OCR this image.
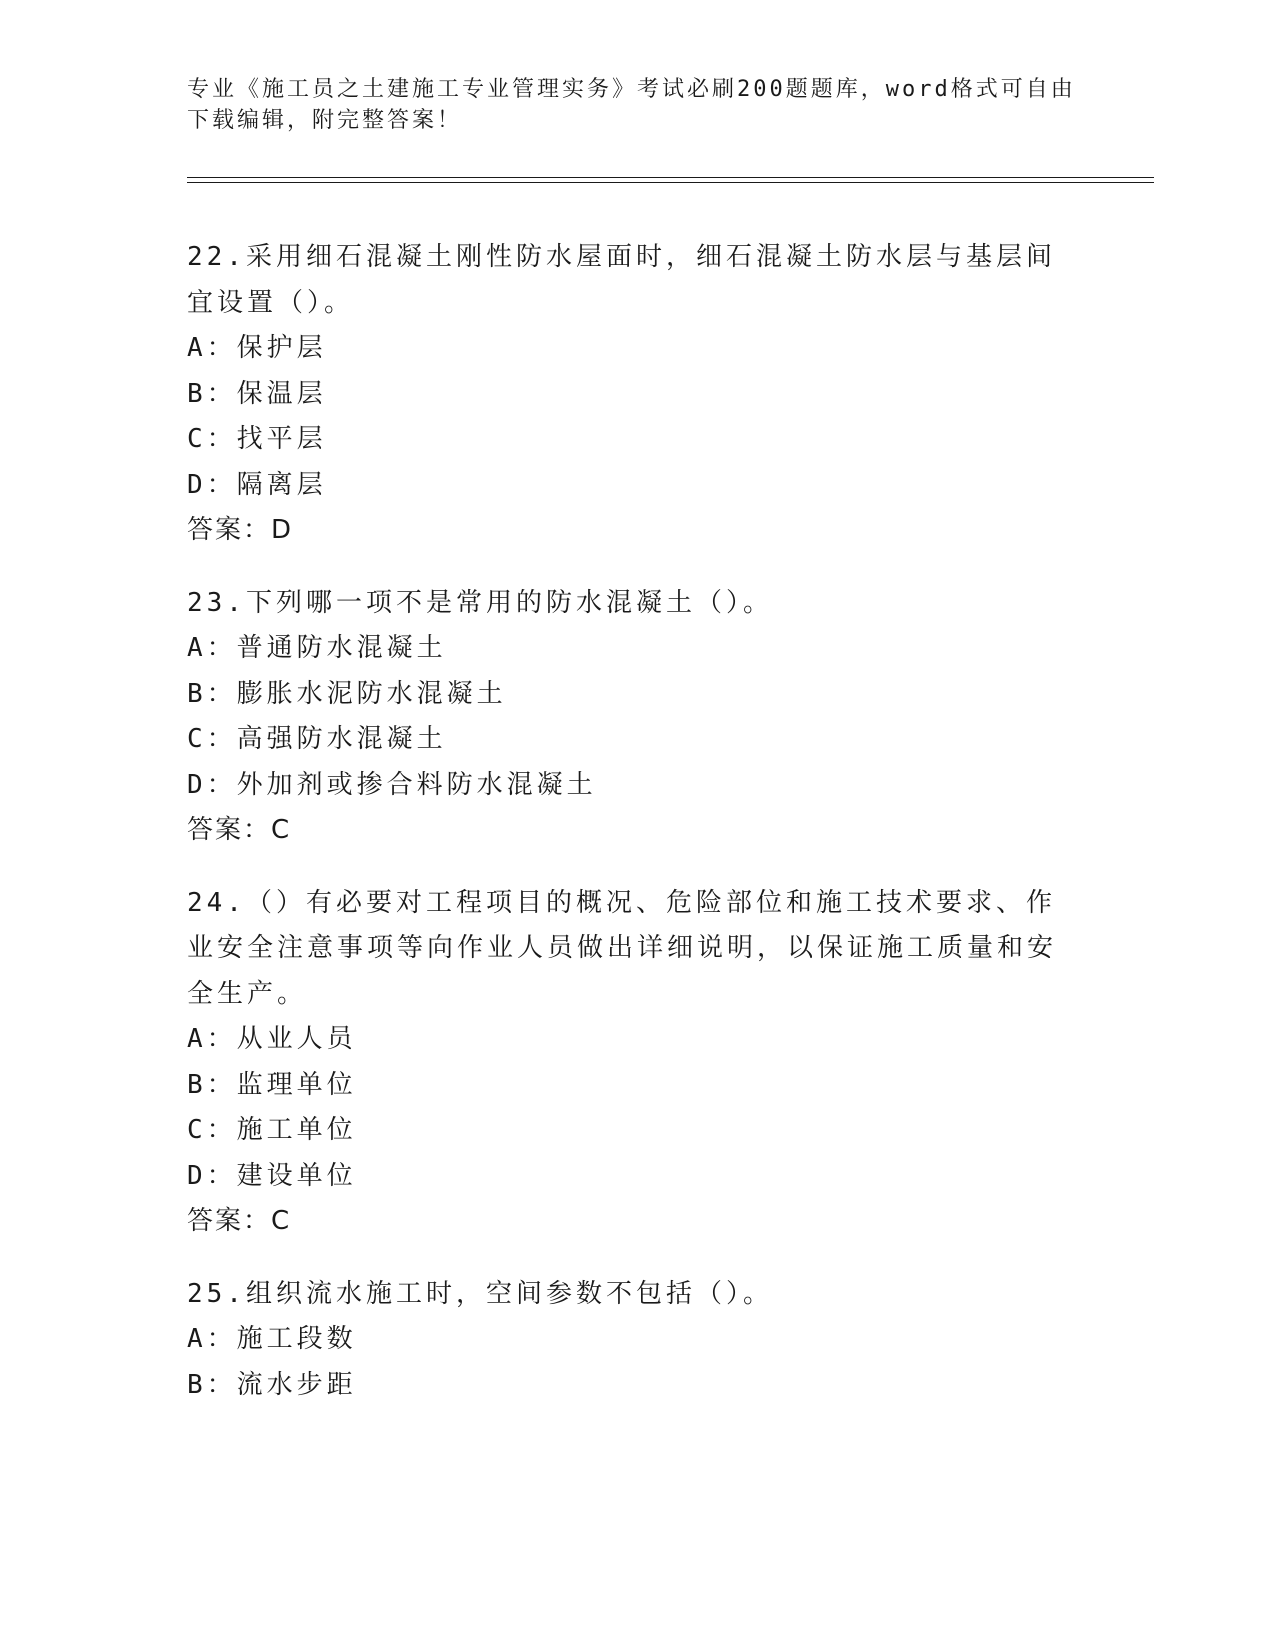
专业《施工员之土建施工专业管理实务》考试必刷200题题库，word格式可自由下载编辑，附完整答案！
22.采用细石混凝土刚性防水屋面时，细石混凝土防水层与基层间宜设置（）。
A：保护层
B：保温层
C：找平层
D：隔离层
答案：D
23.下列哪一项不是常用的防水混凝土（）。
A：普通防水混凝土
B：膨胀水泥防水混凝土
C：高强防水混凝土
D：外加剂或掺合料防水混凝土
答案：C
24.（）有必要对工程项目的概况、危险部位和施工技术要求、作业安全注意事项等向作业人员做出详细说明，以保证施工质量和安全生产。
A：从业人员
B：监理单位
C：施工单位
D：建设单位
答案：C
25.组织流水施工时，空间参数不包括（）。
A：施工段数
B：流水步距
